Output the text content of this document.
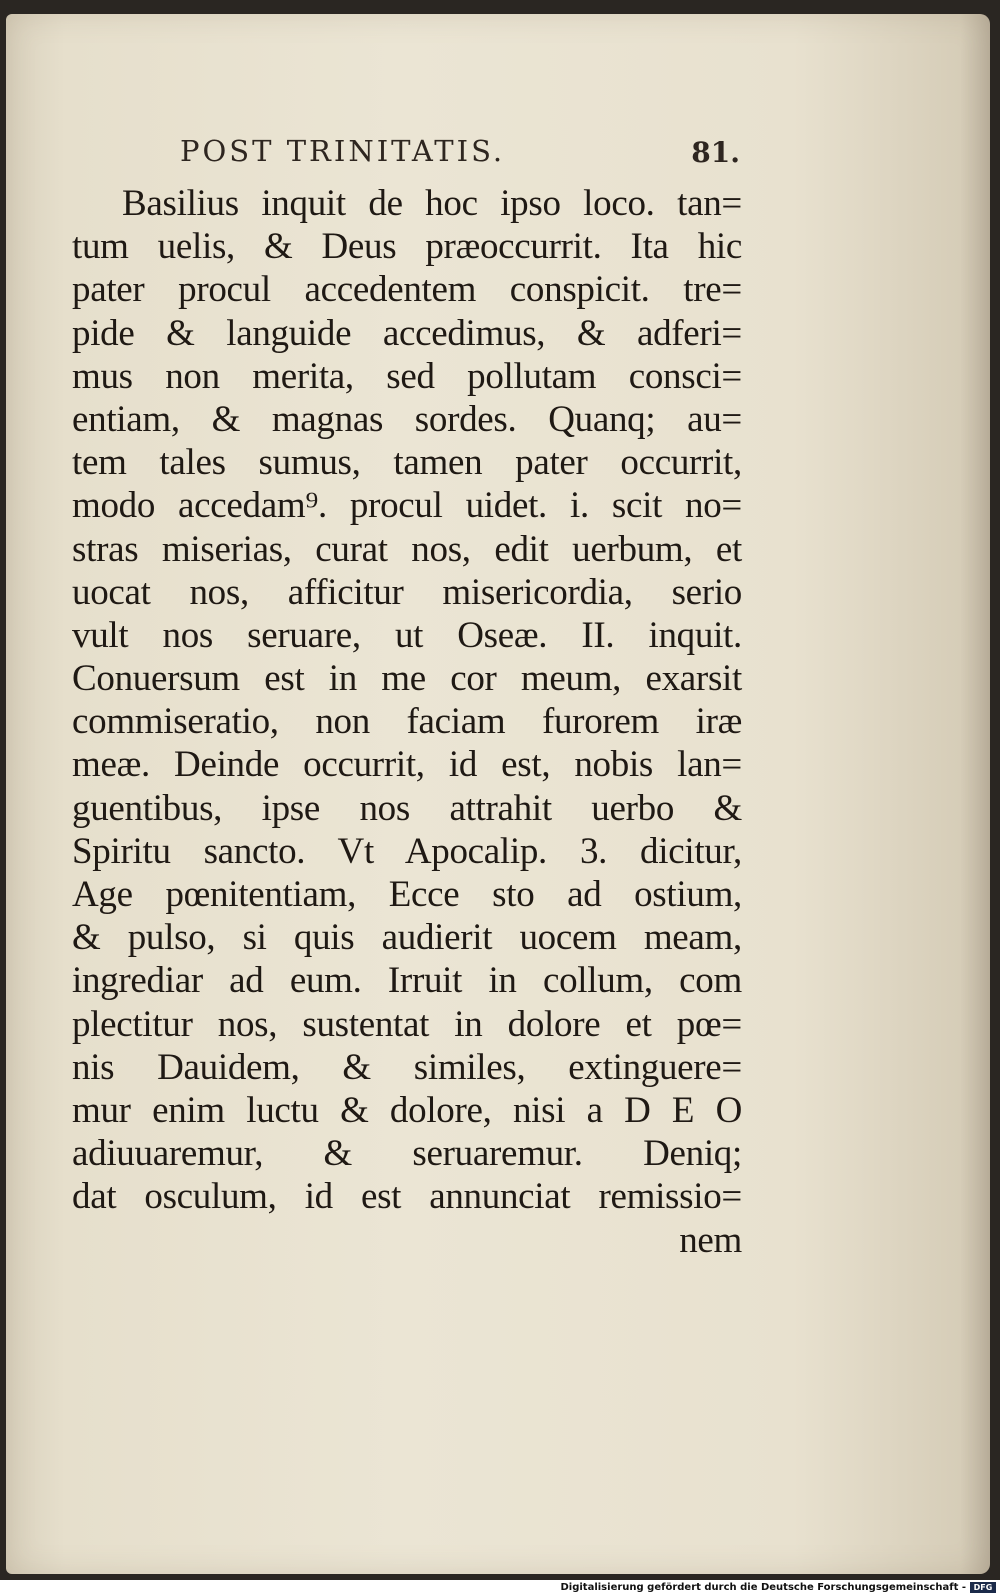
POST TRINITATIS.	81.
Basilius inquit de hoc ipso loco. tan=
tum uelis, & Deus præoccurrit. Ita hic
pater procul accedentem conspicit. tre=
pide & languide accedimus, & adferi=
mus non merita, sed pollutam consci=
entiam, & magnas sordes. Quanq; au=
tem tales sumus, tamen pater occurrit,
modo accedam⁹. procul uidet. i. scit no=
stras miserias, curat nos, edit uerbum, et
uocat nos, afficitur misericordia, serio
vult nos seruare, ut Oseæ. II. inquit.
Conuersum est in me cor meum, exarsit
commiseratio, non faciam furorem iræ
meæ. Deinde occurrit, id est, nobis lan=
guentibus, ipse nos attrahit uerbo &
Spiritu sancto. Vt Apocalip. 3. dicitur,
Age pœnitentiam, Ecce sto ad ostium,
& pulso, si quis audierit uocem meam,
ingrediar ad eum. Irruit in collum, com
plectitur nos, sustentat in dolore et pœ=
nis Dauidem, & similes, extinguere=
mur enim luctu & dolore, nisi a D E O
adiuuaremur, & seruaremur. Deniq;
dat osculum, id est annunciat remissio=
nem
Digitalisierung gefördert durch die Deutsche Forschungsgemeinschaft - DFG
